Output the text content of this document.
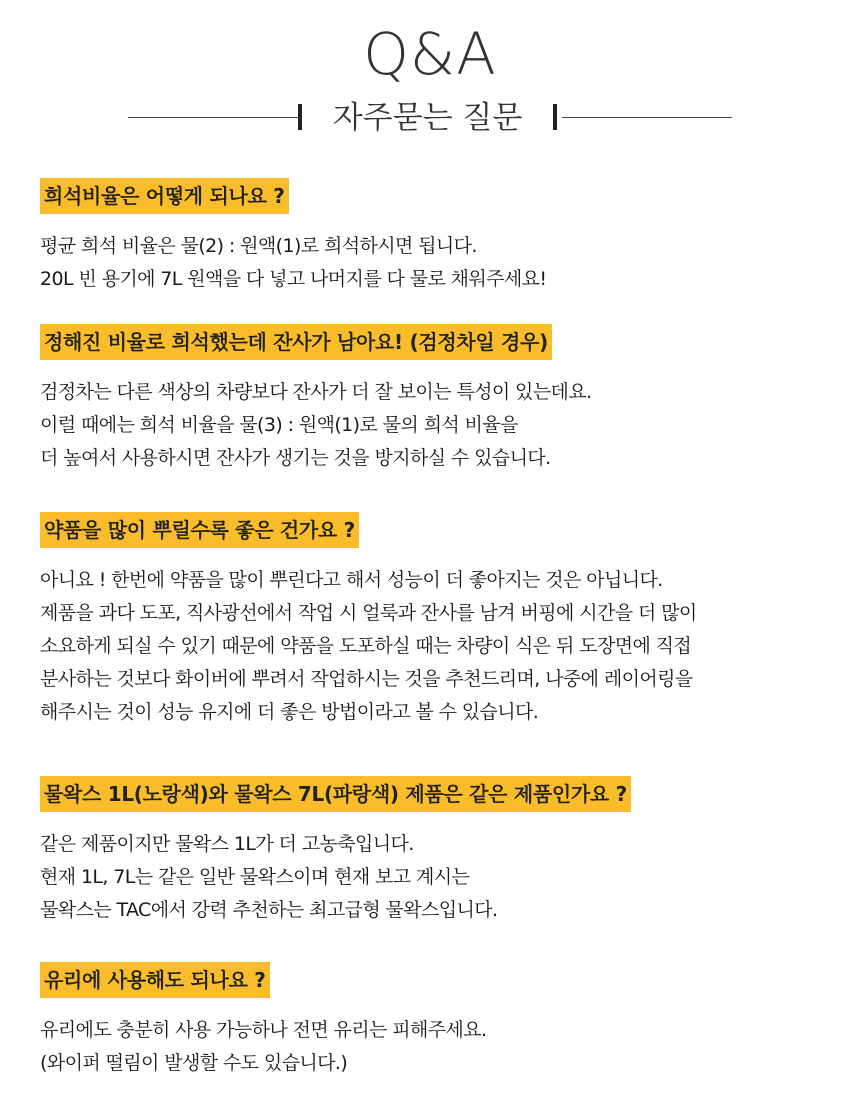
Q&A
자주묻는 질문
희석비율은 어떻게 되나요 ?
평균 희석 비율은 물(2) : 원액(1)로 희석하시면 됩니다.
20L 빈 용기에 7L 원액을 다 넣고 나머지를 다 물로 채워주세요!
정해진 비율로 희석했는데 잔사가 남아요! (검정차일 경우)
검정차는 다른 색상의 차량보다 잔사가 더 잘 보이는 특성이 있는데요.
이럴 때에는 희석 비율을 물(3) : 원액(1)로 물의 희석 비율을
더 높여서 사용하시면 잔사가 생기는 것을 방지하실 수 있습니다.
약품을 많이 뿌릴수록 좋은 건가요 ?
아니요 ! 한번에 약품을 많이 뿌린다고 해서 성능이 더 좋아지는 것은 아닙니다.
제품을 과다 도포, 직사광선에서 작업 시 얼룩과 잔사를 남겨 버핑에 시간을 더 많이
소요하게 되실 수 있기 때문에 약품을 도포하실 때는 차량이 식은 뒤 도장면에 직접
분사하는 것보다 화이버에 뿌려서 작업하시는 것을 추천드리며, 나중에 레이어링을
해주시는 것이 성능 유지에 더 좋은 방법이라고 볼 수 있습니다.
물왁스 1L(노랑색)와 물왁스 7L(파랑색) 제품은 같은 제품인가요 ?
같은 제품이지만 물왁스 1L가 더 고농축입니다.
현재 1L, 7L는 같은 일반 물왁스이며 현재 보고 계시는
물왁스는 TAC에서 강력 추천하는 최고급형 물왁스입니다.
유리에 사용해도 되나요 ?
유리에도 충분히 사용 가능하나 전면 유리는 피해주세요.
(와이퍼 떨림이 발생할 수도 있습니다.)
